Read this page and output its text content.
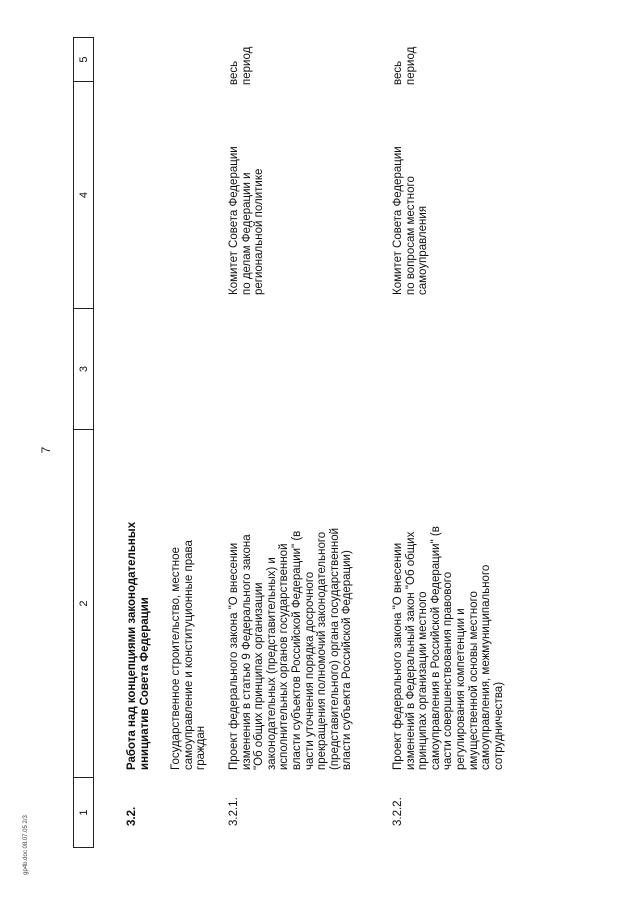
7
gp4b.doc 08.07.05 2/3
1
2
3
4
5
3.2.
Работа над концепциями законодательных
инициатив Совета Федерации
Государственное строительство, местное
самоуправление и конституционные права
граждан
3.2.1.
Проект федерального закона "О внесении
изменения в статью 9 Федерального закона
"Об общих принципах организации
законодательных (представительных) и
исполнительных органов государственной
власти субъектов Российской Федерации" (в
части уточнения порядка досрочного
прекращения полномочий законодательного
(представительного) органа государственной
власти субъекта Российской Федерации)
Комитет Совета Федерации
по делам Федерации и
региональной политике
весь
период
3.2.2.
Проект федерального закона "О внесении
изменений в Федеральный закон "Об общих
принципах организации местного
самоуправления в Российской Федерации" (в
части совершенствования правового
регулирования компетенции и
имущественной основы местного
самоуправления, межмуниципального
сотрудничества)
Комитет Совета Федерации
по вопросам местного
самоуправления
весь
период
